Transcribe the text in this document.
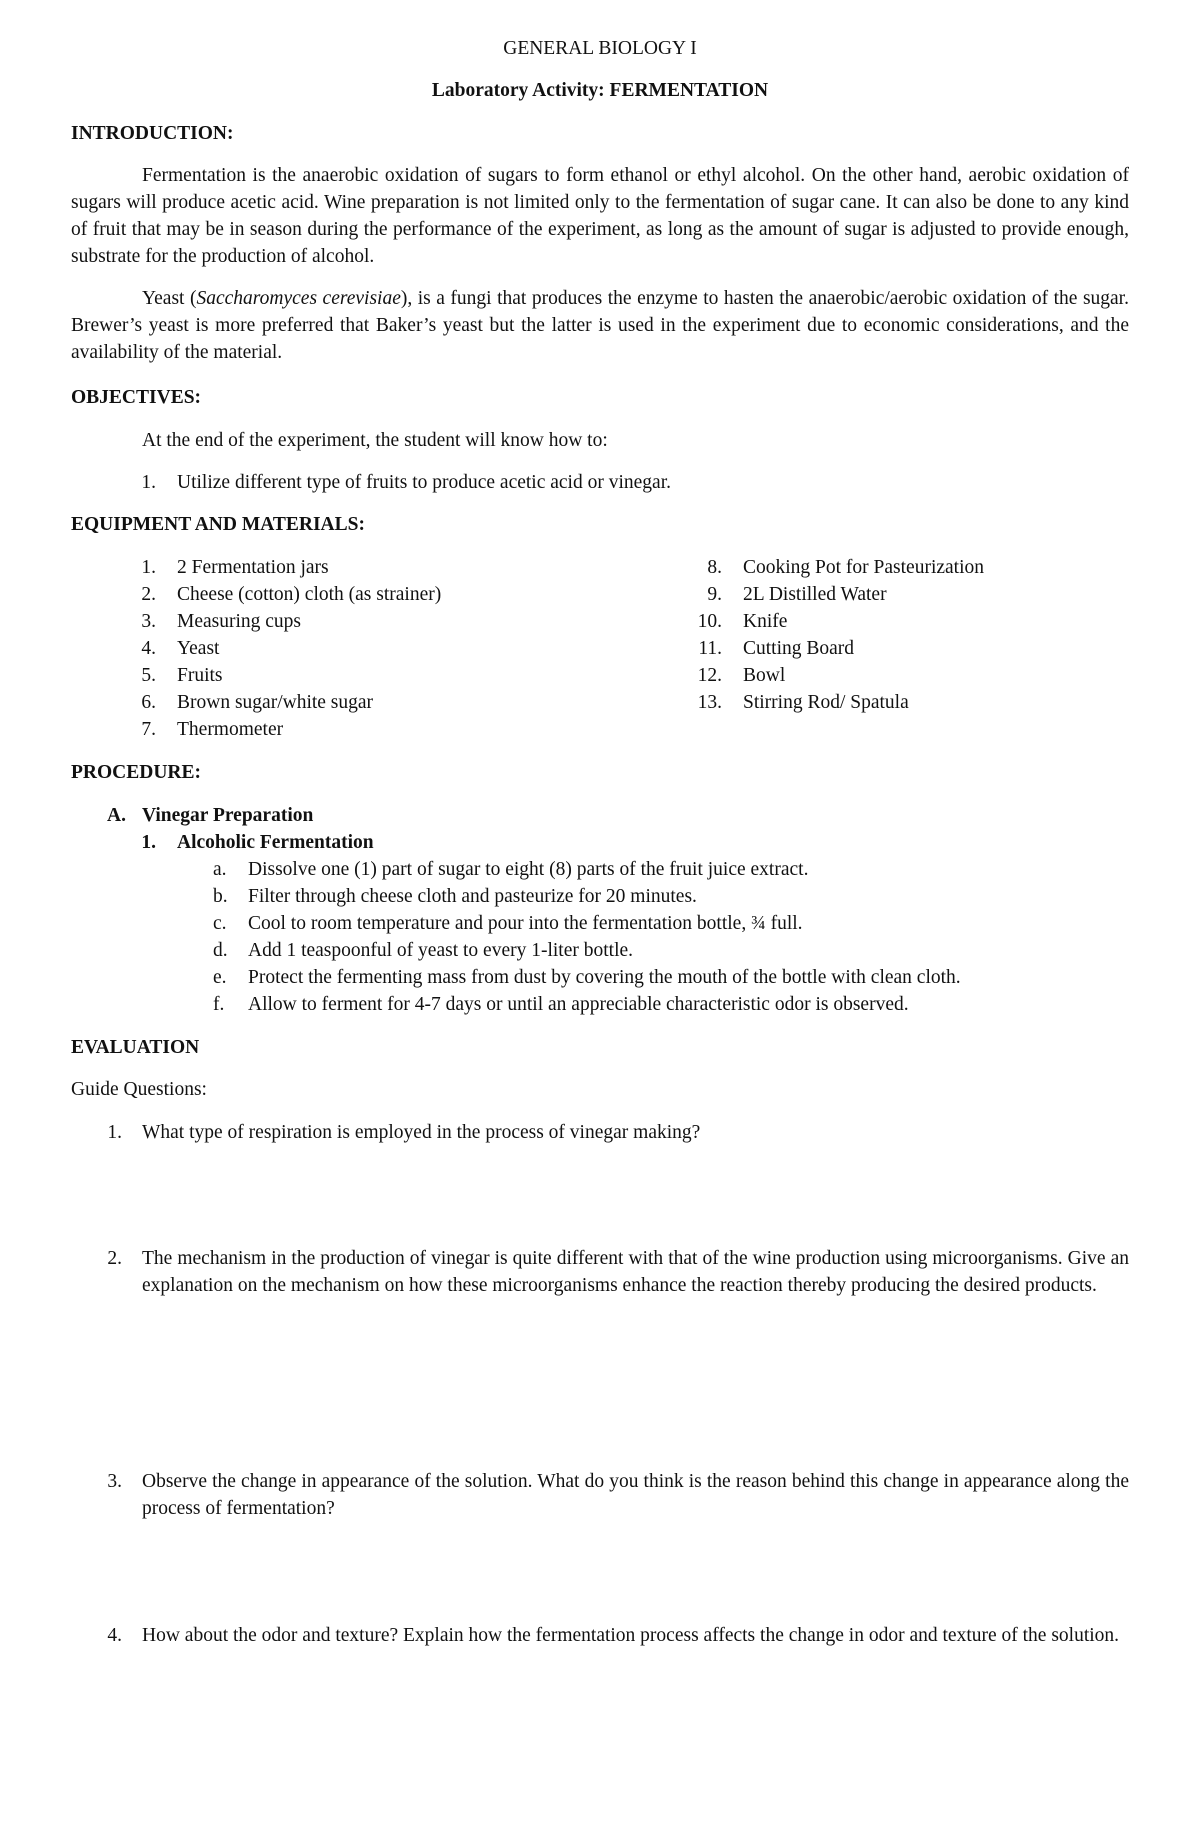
GENERAL BIOLOGY I
Laboratory Activity: FERMENTATION
INTRODUCTION:

Fermentation is the anaerobic oxidation of sugars to form ethanol or ethyl alcohol. On the other hand, aerobic oxidation of sugars will produce acetic acid. Wine preparation is not limited only to the fermentation of sugar cane. It can also be done to any kind of fruit that may be in season during the performance of the experiment, as long as the amount of sugar is adjusted to provide enough, substrate for the production of alcohol.

Yeast (Saccharomyces cerevisiae), is a fungi that produces the enzyme to hasten the anaerobic/aerobic oxidation of the sugar. Brewer’s yeast is more preferred that Baker’s yeast but the latter is used in the experiment due to economic considerations, and the availability of the material.

OBJECTIVES:
At the end of the experiment, the student will know how to:
1. Utilize different type of fruits to produce acetic acid or vinegar.
EQUIPMENT AND MATERIALS:
1. 2 Fermentation jars
2. Cheese (cotton) cloth (as strainer)
3. Measuring cups
4. Yeast
5. Fruits
6. Brown sugar/white sugar
7. Thermometer
8. Cooking Pot for Pasteurization
9. 2L Distilled Water
10. Knife
11. Cutting Board
12. Bowl
13. Stirring Rod/ Spatula
PROCEDURE:
A. Vinegar Preparation
1. Alcoholic Fermentation
a. Dissolve one (1) part of sugar to eight (8) parts of the fruit juice extract.
b. Filter through cheese cloth and pasteurize for 20 minutes.
c. Cool to room temperature and pour into the fermentation bottle, ¾ full.
d. Add 1 teaspoonful of yeast to every 1-liter bottle.
e. Protect the fermenting mass from dust by covering the mouth of the bottle with clean cloth.
f. Allow to ferment for 4-7 days or until an appreciable characteristic odor is observed.
EVALUATION
Guide Questions:
1. What type of respiration is employed in the process of vinegar making?
2. The mechanism in the production of vinegar is quite different with that of the wine production using microorganisms. Give an explanation on the mechanism on how these microorganisms enhance the reaction thereby producing the desired products.
3. Observe the change in appearance of the solution. What do you think is the reason behind this change in appearance along the process of fermentation?
4. How about the odor and texture? Explain how the fermentation process affects the change in odor and texture of the solution.
